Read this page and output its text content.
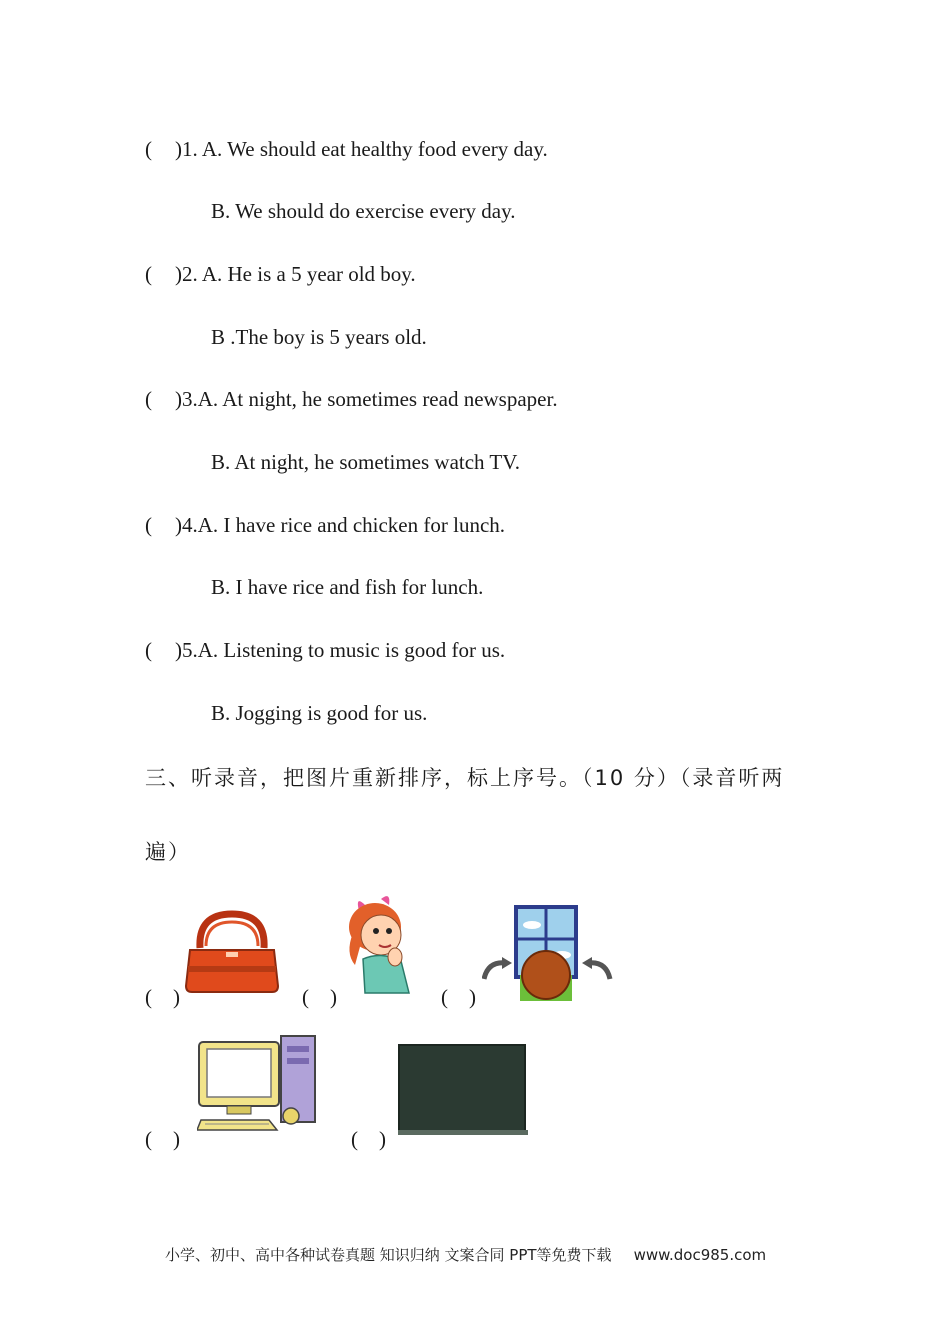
( )1. A. We should eat healthy food every day.
B. We should do exercise every day.
( )2. A. He is a 5 year old boy.
B .The boy is 5 years old.
( )3.A. At night, he sometimes read newspaper.
B. At night, he sometimes watch TV.
( )4.A. I have rice and chicken for lunch.
B. I have rice and fish for lunch.
( )5.A. Listening to music is good for us.
B. Jogging is good for us.
三、听录音，把图片重新排序，标上序号。（10 分）（录音听两
遍）
(    )	(    )	(    )
(    )	(    )
小学、初中、高中各种试卷真题 知识归纳 文案合同 PPT等免费下载 www.doc985.com
